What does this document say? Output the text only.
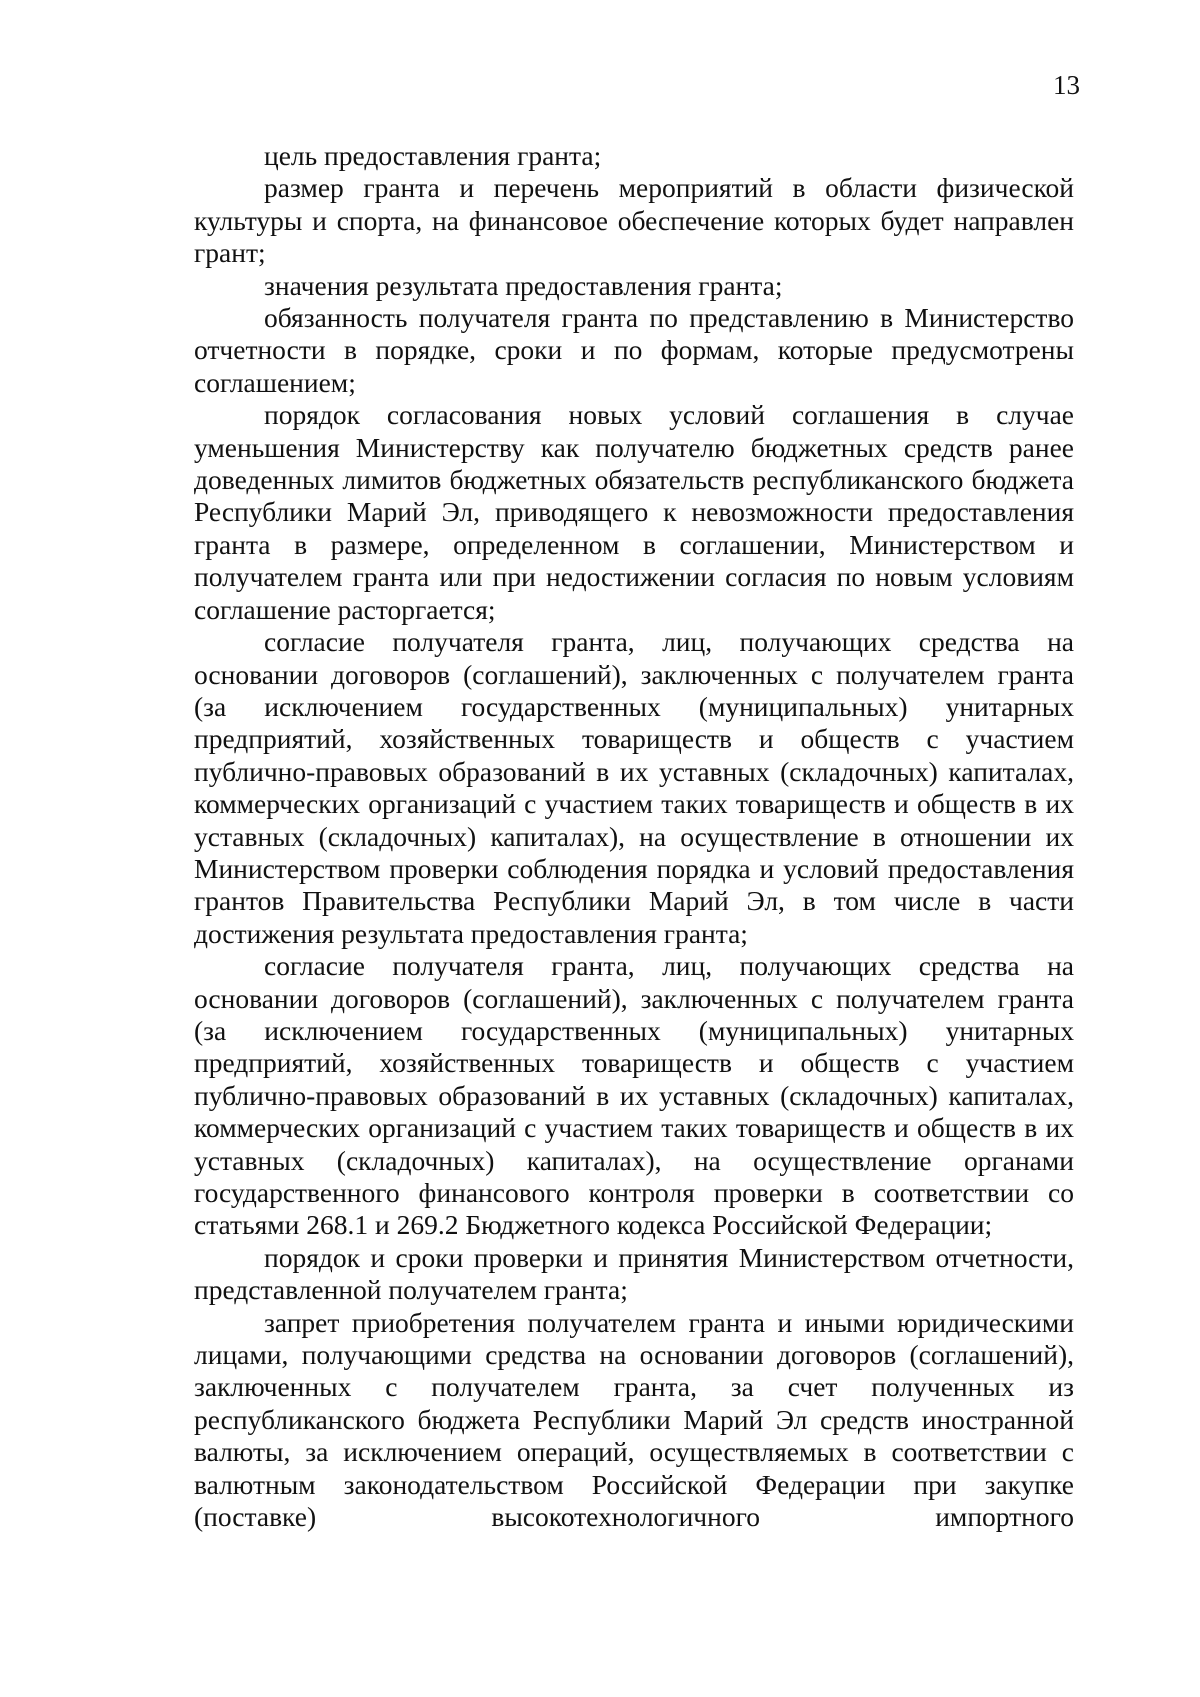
13

цель предоставления гранта;

размер гранта и перечень мероприятий в области физической культуры и спорта, на финансовое обеспечение которых будет направлен грант;

значения результата предоставления гранта;

обязанность получателя гранта по представлению в Министерство отчетности в порядке, сроки и по формам, которые предусмотрены соглашением;

порядок согласования новых условий соглашения в случае уменьшения Министерству как получателю бюджетных средств ранее доведенных лимитов бюджетных обязательств республиканского бюджета Республики Марий Эл, приводящего к невозможности предоставления гранта в размере, определенном в соглашении, Министерством и получателем гранта или при недостижении согласия по новым условиям соглашение расторгается;

согласие получателя гранта, лиц, получающих средства на основании договоров (соглашений), заключенных с получателем гранта (за исключением государственных (муниципальных) унитарных предприятий, хозяйственных товариществ и обществ с участием публично-правовых образований в их уставных (складочных) капиталах, коммерческих организаций с участием таких товариществ и обществ в их уставных (складочных) капиталах), на осуществление в отношении их Министерством проверки соблюдения порядка и условий предоставления грантов Правительства Республики Марий Эл, в том числе в части достижения результата предоставления гранта;

согласие получателя гранта, лиц, получающих средства на основании договоров (соглашений), заключенных с получателем гранта (за исключением государственных (муниципальных) унитарных предприятий, хозяйственных товариществ и обществ с участием публично-правовых образований в их уставных (складочных) капиталах, коммерческих организаций с участием таких товариществ и обществ в их уставных (складочных) капиталах), на осуществление органами государственного финансового контроля проверки в соответствии со статьями 268.1 и 269.2 Бюджетного кодекса Российской Федерации;

порядок и сроки проверки и принятия Министерством отчетности, представленной получателем гранта;

запрет приобретения получателем гранта и иными юридическими лицами, получающими средства на основании договоров (соглашений), заключенных с получателем гранта, за счет полученных из республиканского бюджета Республики Марий Эл средств иностранной валюты, за исключением операций, осуществляемых в соответствии с валютным законодательством Российской Федерации при закупке (поставке) высокотехнологичного импортного
